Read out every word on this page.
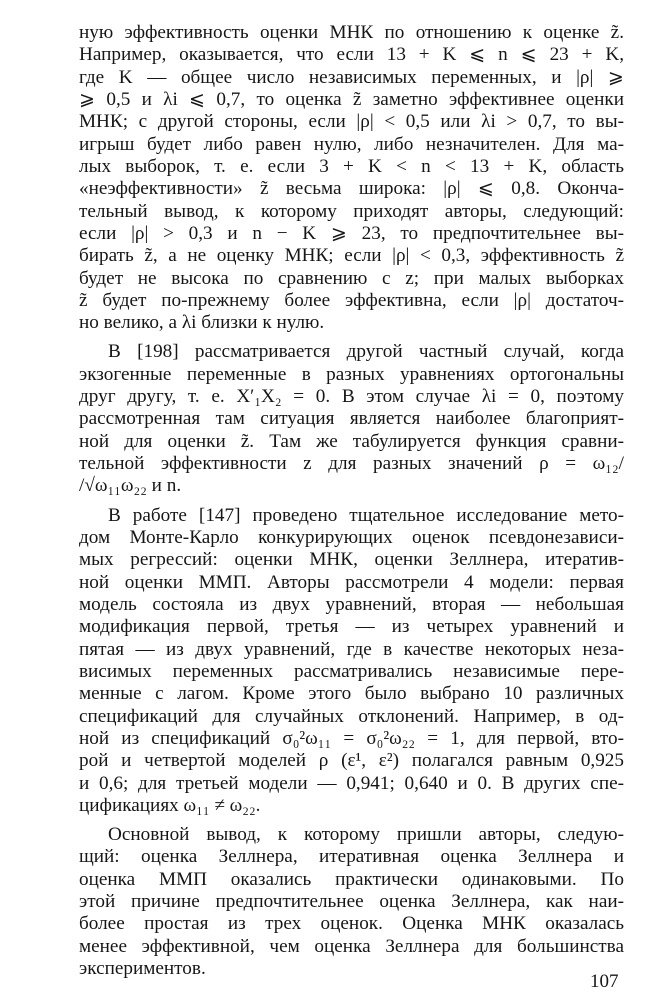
ную эффективность оценки МНК по отношению к оценке z̃.
Например, оказывается, что если 13 + K ⩽ n ⩽ 23 + K,
где K — общее число независимых переменных, и |ρ| ⩾
⩾ 0,5 и λi ⩽ 0,7, то оценка z̃ заметно эффективнее оценки
МНК; с другой стороны, если |ρ| < 0,5 или λi > 0,7, то вы-
игрыш будет либо равен нулю, либо незначителен. Для ма-
лых выборок, т. е. если 3 + K < n < 13 + K, область
«неэффективности» z̃ весьма широка: |ρ| ⩽ 0,8. Оконча-
тельный вывод, к которому приходят авторы, следующий:
если |ρ| > 0,3 и n − K ⩾ 23, то предпочтительнее вы-
бирать z̃, а не оценку МНК; если |ρ| < 0,3, эффективность z̃
будет не высока по сравнению с z; при малых выборках
z̃ будет по-прежнему более эффективна, если |ρ| достаточ-
но велико, а λi близки к нулю.
В [198] рассматривается другой частный случай, когда
экзогенные переменные в разных уравнениях ортогональны
друг другу, т. е. X′₁X₂ = 0. В этом случае λi = 0, поэтому
рассмотренная там ситуация является наиболее благоприят-
ной для оценки z̃. Там же табулируется функция сравни-
тельной эффективности z для разных значений ρ = ω₁₂/
/√ω₁₁ω₂₂ и n.
В работе [147] проведено тщательное исследование мето-
дом Монте-Карло конкурирующих оценок псевдонезависи-
мых регрессий: оценки МНК, оценки Зеллнера, итератив-
ной оценки ММП. Авторы рассмотрели 4 модели: первая
модель состояла из двух уравнений, вторая — небольшая
модификация первой, третья — из четырех уравнений и
пятая — из двух уравнений, где в качестве некоторых неза-
висимых переменных рассматривались независимые пере-
менные с лагом. Кроме этого было выбрано 10 различных
спецификаций для случайных отклонений. Например, в од-
ной из спецификаций σ₀²ω₁₁ = σ₀²ω₂₂ = 1, для первой, вто-
рой и четвертой моделей ρ (ε¹, ε²) полагался равным 0,925
и 0,6; для третьей модели — 0,941; 0,640 и 0. В других спе-
цификациях ω₁₁ ≠ ω₂₂.
Основной вывод, к которому пришли авторы, следую-
щий: оценка Зеллнера, итеративная оценка Зеллнера и
оценка ММП оказались практически одинаковыми. По
этой причине предпочтительнее оценка Зеллнера, как наи-
более простая из трех оценок. Оценка МНК оказалась
менее эффективной, чем оценка Зеллнера для большинства
экспериментов.
107
